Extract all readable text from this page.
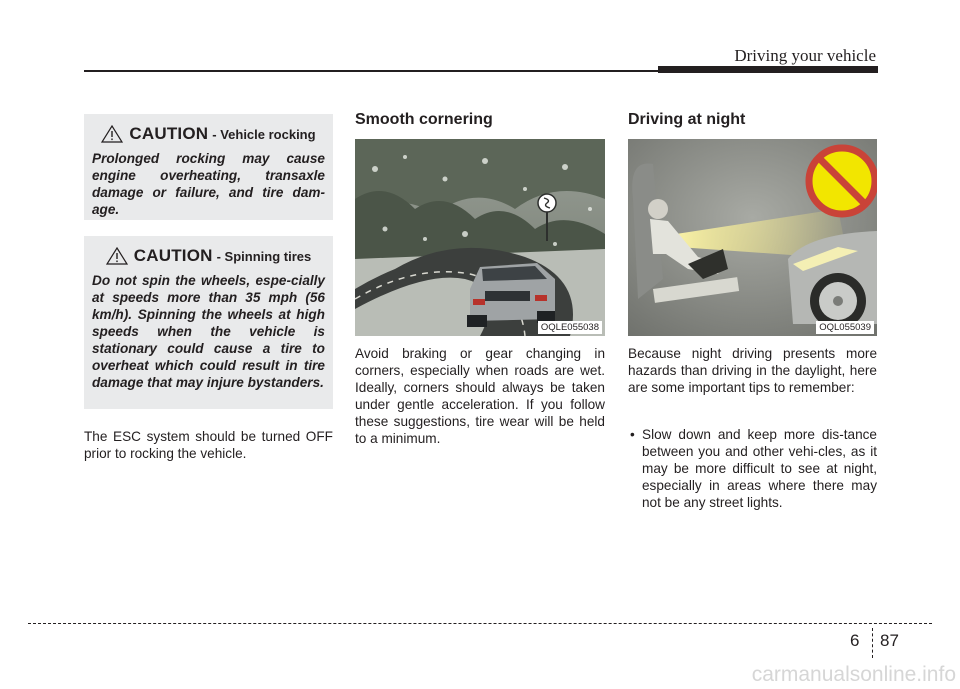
Driving your vehicle
CAUTION - Vehicle rocking
Prolonged rocking may cause engine overheating, transaxle damage or failure, and tire dam-age.
CAUTION - Spinning tires
Do not spin the wheels, espe-cially at speeds more than 35 mph (56 km/h). Spinning the wheels at high speeds when the vehicle is stationary could cause a tire to overheat which could result in tire damage that may injure bystanders.
The ESC system should be turned OFF prior to rocking the vehicle.
Smooth cornering
OQLE055038
Avoid braking or gear changing in corners, especially when roads are wet. Ideally, corners should always be taken under gentle acceleration. If you follow these suggestions, tire wear will be held to a minimum.
Driving at night
OQL055039
Because night driving presents more hazards than driving in the daylight, here are some important tips to remember:
• Slow down and keep more dis-tance between you and other vehi-cles, as it may be more difficult to see at night, especially in areas where there may not be any street lights.
6 87
carmanualsonline.info
